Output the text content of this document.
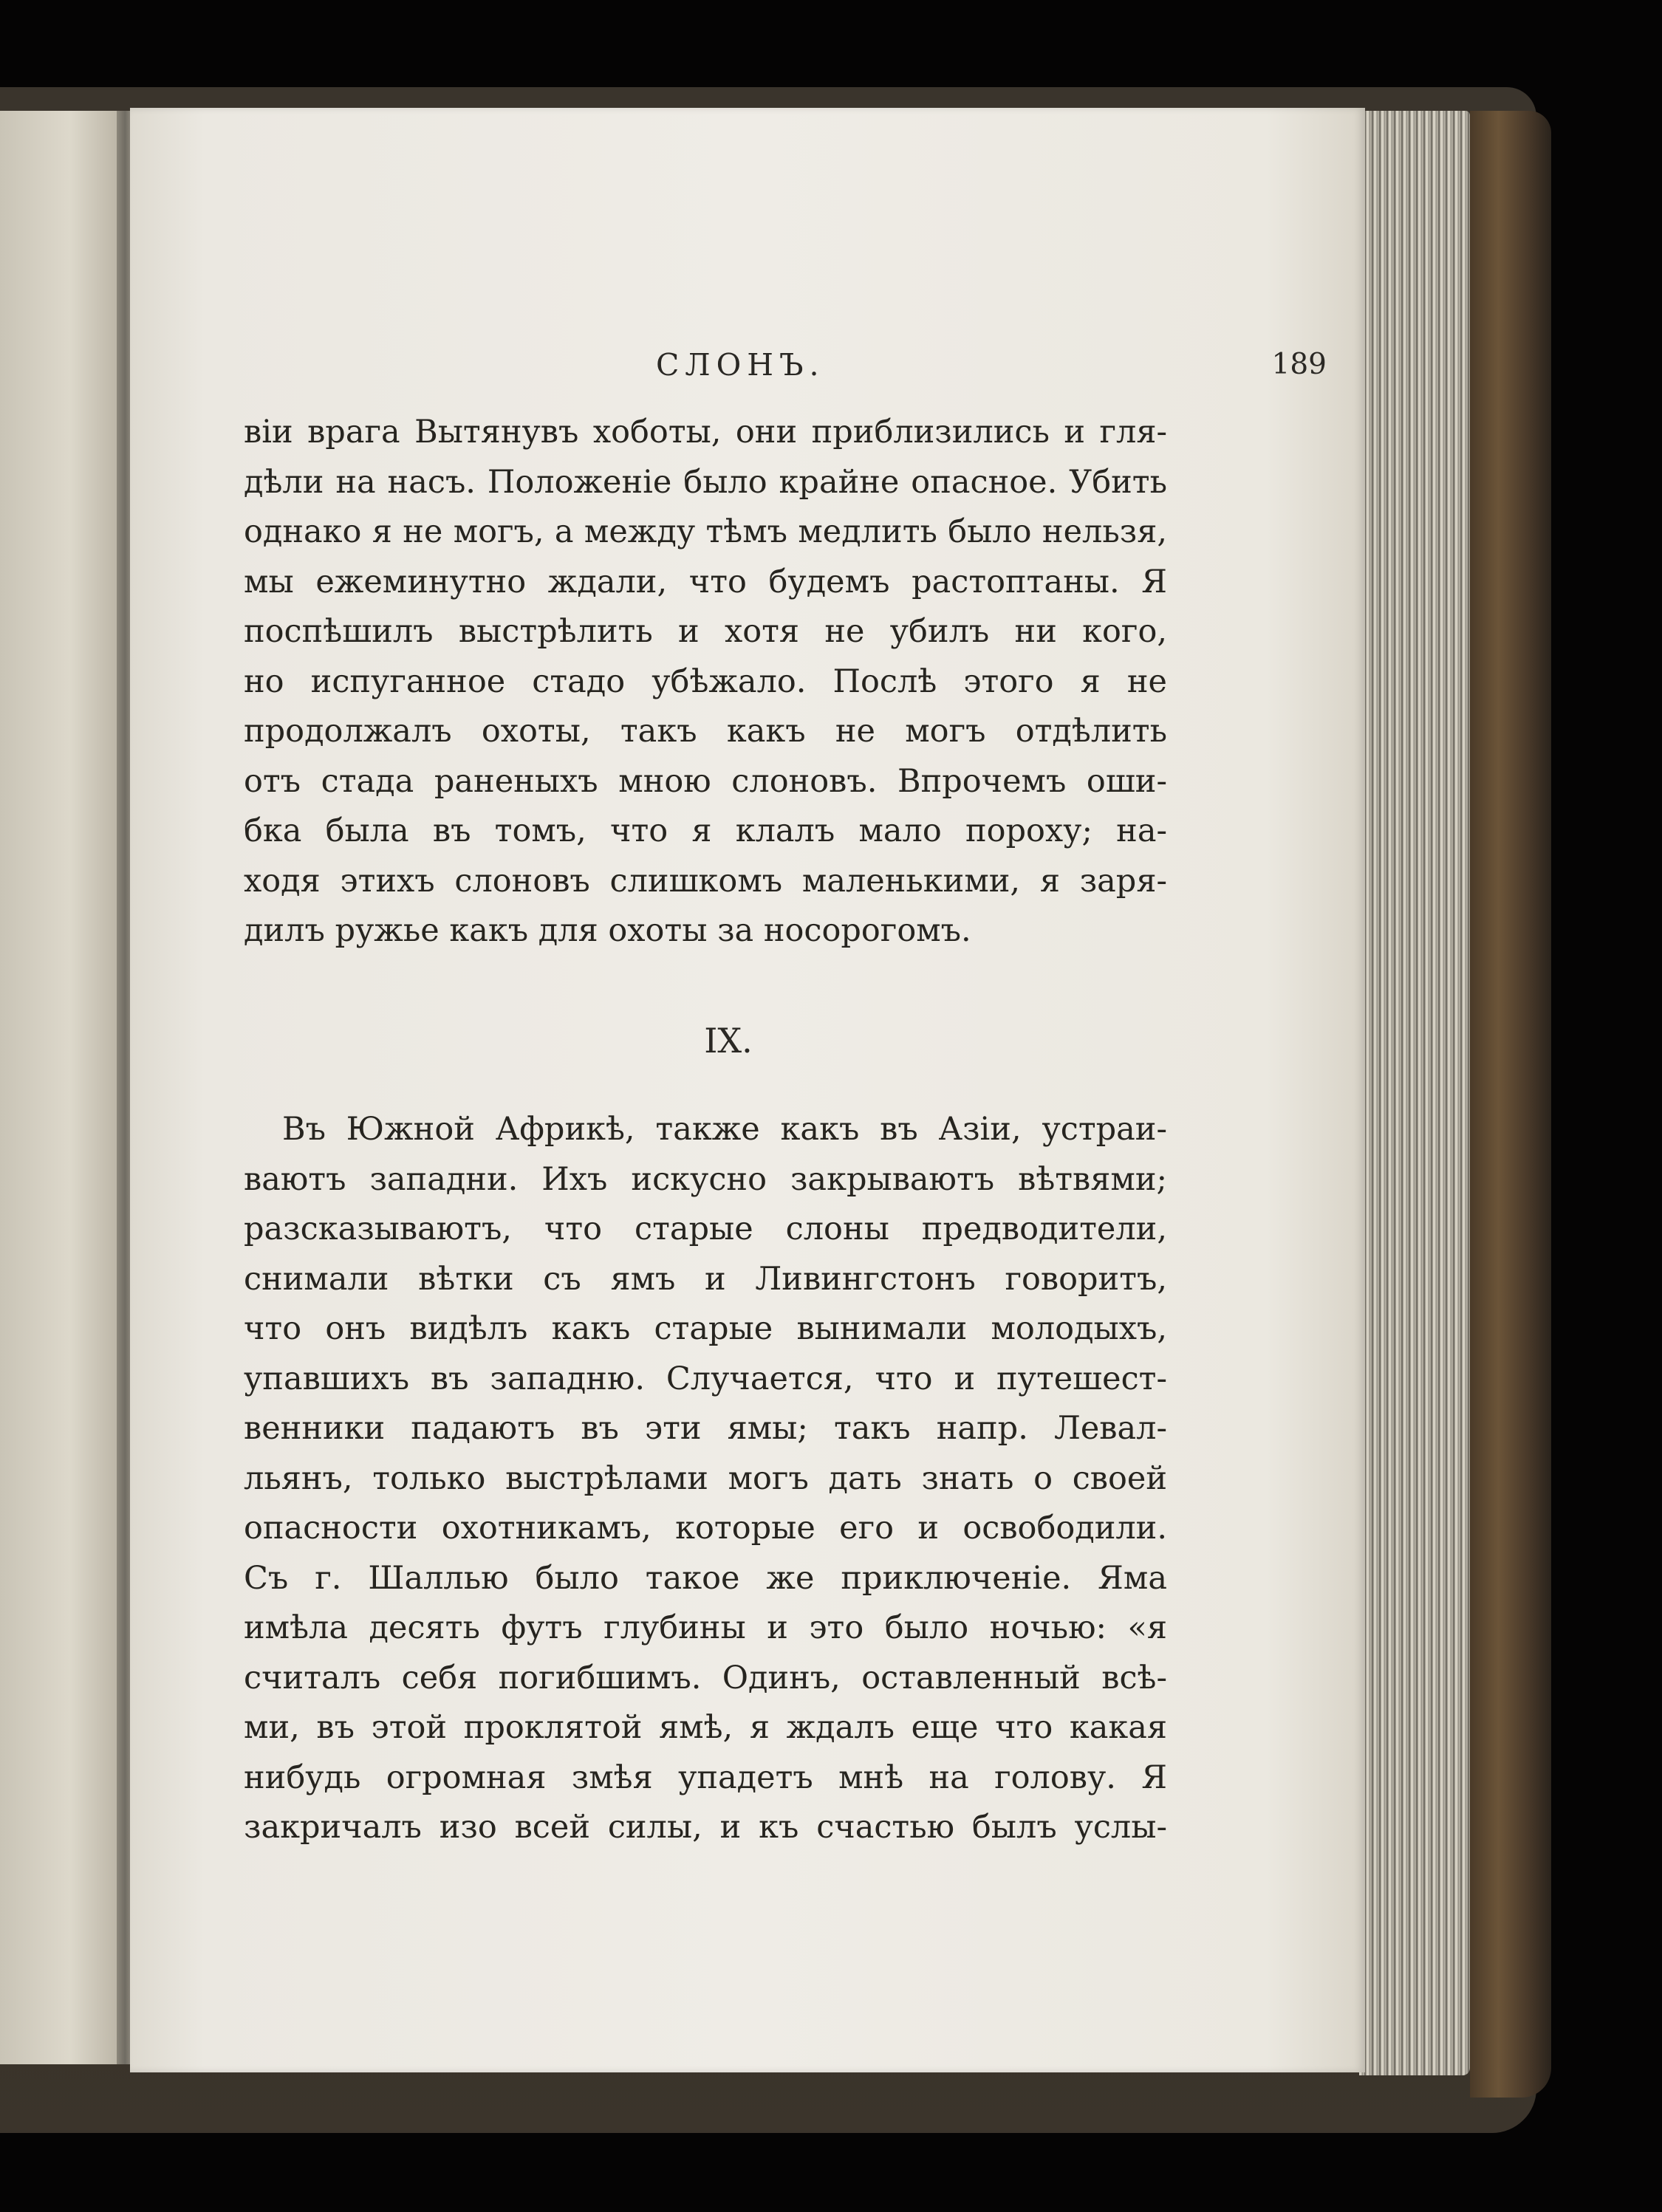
СЛОНЪ.	189
віи врага Вытянувъ хоботы, они приблизились и гля-
дѣли на насъ. Положеніе было крайне опасное. Убить
однако я не могъ, а между тѣмъ медлить было нельзя,
мы ежеминутно ждали, что будемъ растоптаны. Я
поспѣшилъ выстрѣлить и хотя не убилъ ни кого,
но испуганное стадо убѣжало. Послѣ этого я не
продолжалъ охоты, такъ какъ не могъ отдѣлить
отъ стада раненыхъ мною слоновъ. Впрочемъ оши-
бка была въ томъ, что я клалъ мало пороху; на-
ходя этихъ слоновъ слишкомъ маленькими, я заря-
дилъ ружье какъ для охоты за носорогомъ.
IX.
Въ Южной Африкѣ, также какъ въ Азіи, устраи-
ваютъ западни. Ихъ искусно закрываютъ вѣтвями;
разсказываютъ, что старые слоны предводители,
снимали вѣтки съ ямъ и Ливингстонъ говоритъ,
что онъ видѣлъ какъ старые вынимали молодыхъ,
упавшихъ въ западню. Случается, что и путешест-
венники падаютъ въ эти ямы; такъ напр. Левал-
льянъ, только выстрѣлами могъ дать знать о своей
опасности охотникамъ, которые его и освободили.
Съ г. Шаллью было такое же приключеніе. Яма
имѣла десять футъ глубины и это было ночью: «я
считалъ себя погибшимъ. Одинъ, оставленный всѣ-
ми, въ этой проклятой ямѣ, я ждалъ еще что какая
нибудь огромная змѣя упадетъ мнѣ на голову. Я
закричалъ изо всей силы, и къ счастью былъ услы-
